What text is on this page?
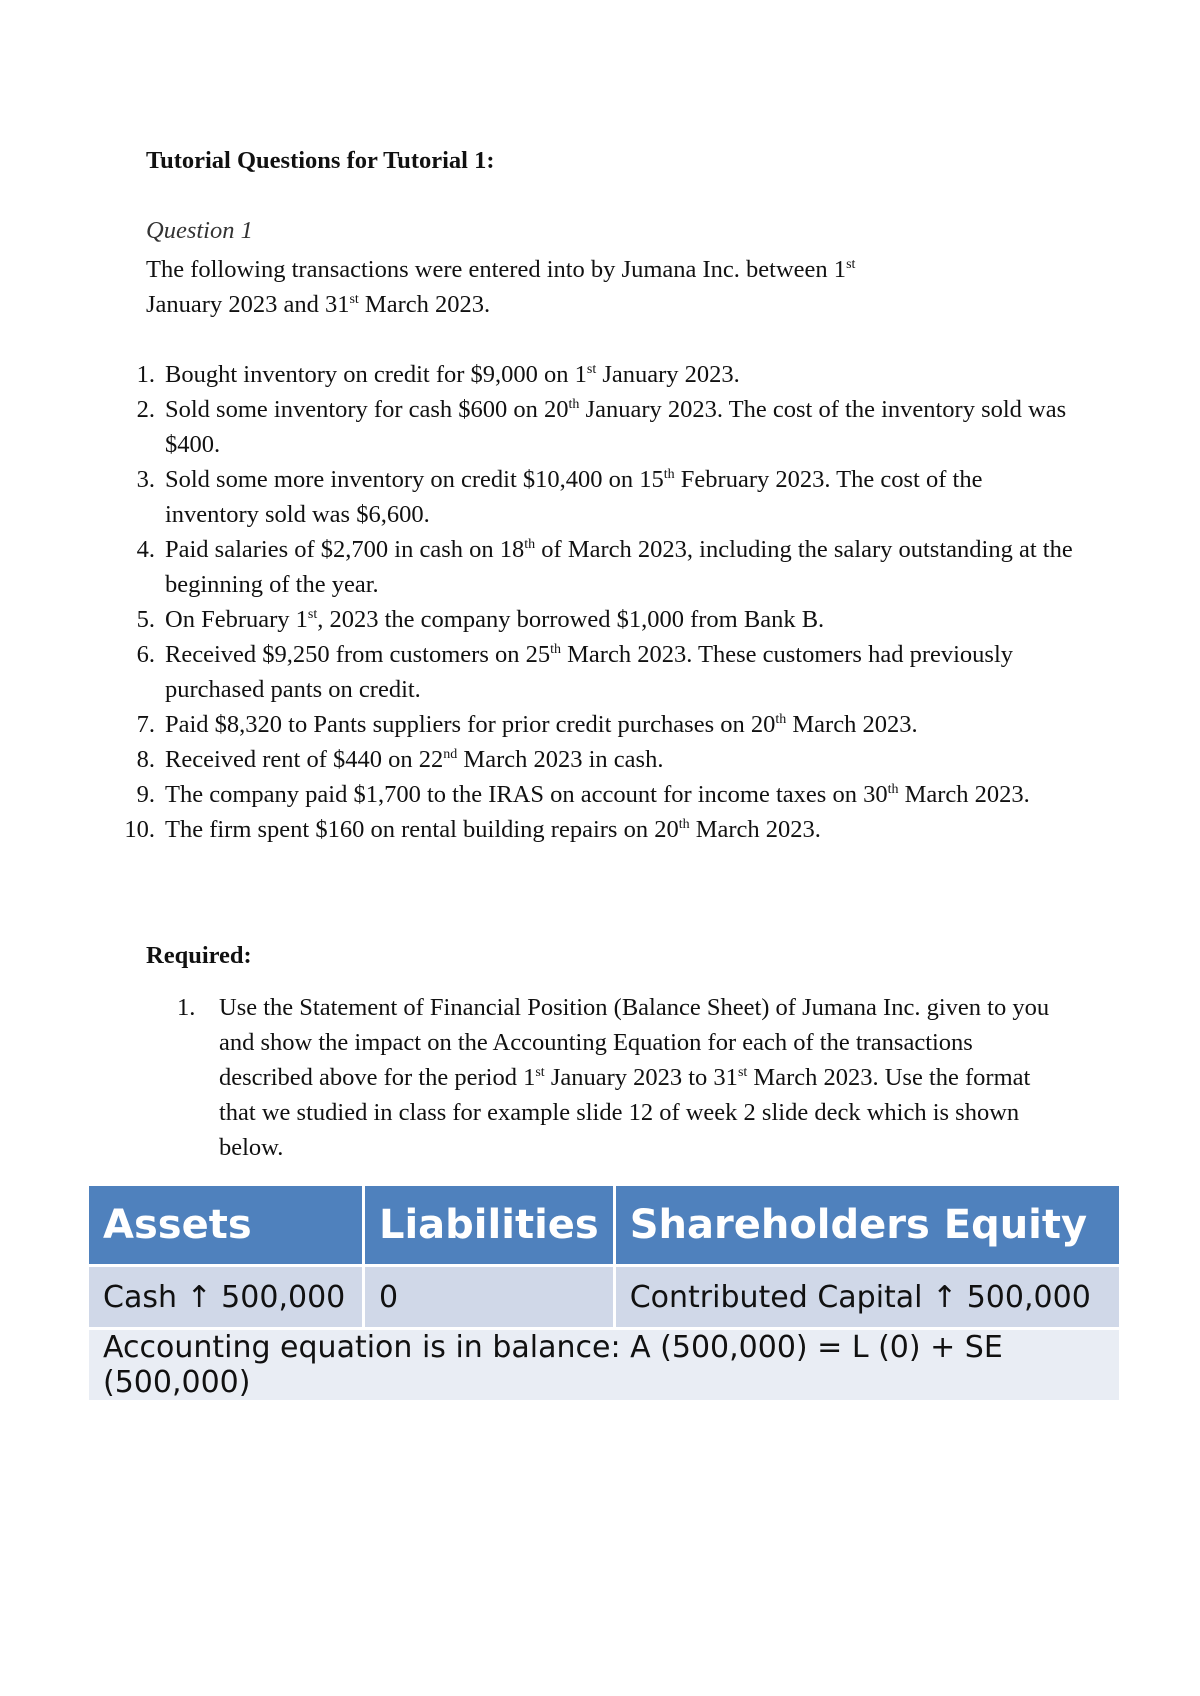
Tutorial Questions for Tutorial 1:
Question 1
The following transactions were entered into by Jumana Inc. between 1st
January 2023 and 31st March 2023.
1. Bought inventory on credit for $9,000 on 1st January 2023.
2. Sold some inventory for cash $600 on 20th January 2023. The cost of the inventory sold was $400.
3. Sold some more inventory on credit $10,400 on 15th February 2023. The cost of the inventory sold was $6,600.
4. Paid salaries of $2,700 in cash on 18th of March 2023, including the salary outstanding at the beginning of the year.
5. On February 1st, 2023 the company borrowed $1,000 from Bank B.
6. Received $9,250 from customers on 25th March 2023. These customers had previously purchased pants on credit.
7. Paid $8,320 to Pants suppliers for prior credit purchases on 20th March 2023.
8. Received rent of $440 on 22nd March 2023 in cash.
9. The company paid $1,700 to the IRAS on account for income taxes on 30th March 2023.
10. The firm spent $160 on rental building repairs on 20th March 2023.
Required:
1. Use the Statement of Financial Position (Balance Sheet) of Jumana Inc. given to you and show the impact on the Accounting Equation for each of the transactions described above for the period 1st January 2023 to 31st March 2023. Use the format that we studied in class for example slide 12 of week 2 slide deck which is shown below.
Assets	Liabilities	Shareholders Equity
Cash ↑ 500,000	0	Contributed Capital ↑ 500,000
Accounting equation is in balance: A (500,000) = L (0) + SE (500,000)		
